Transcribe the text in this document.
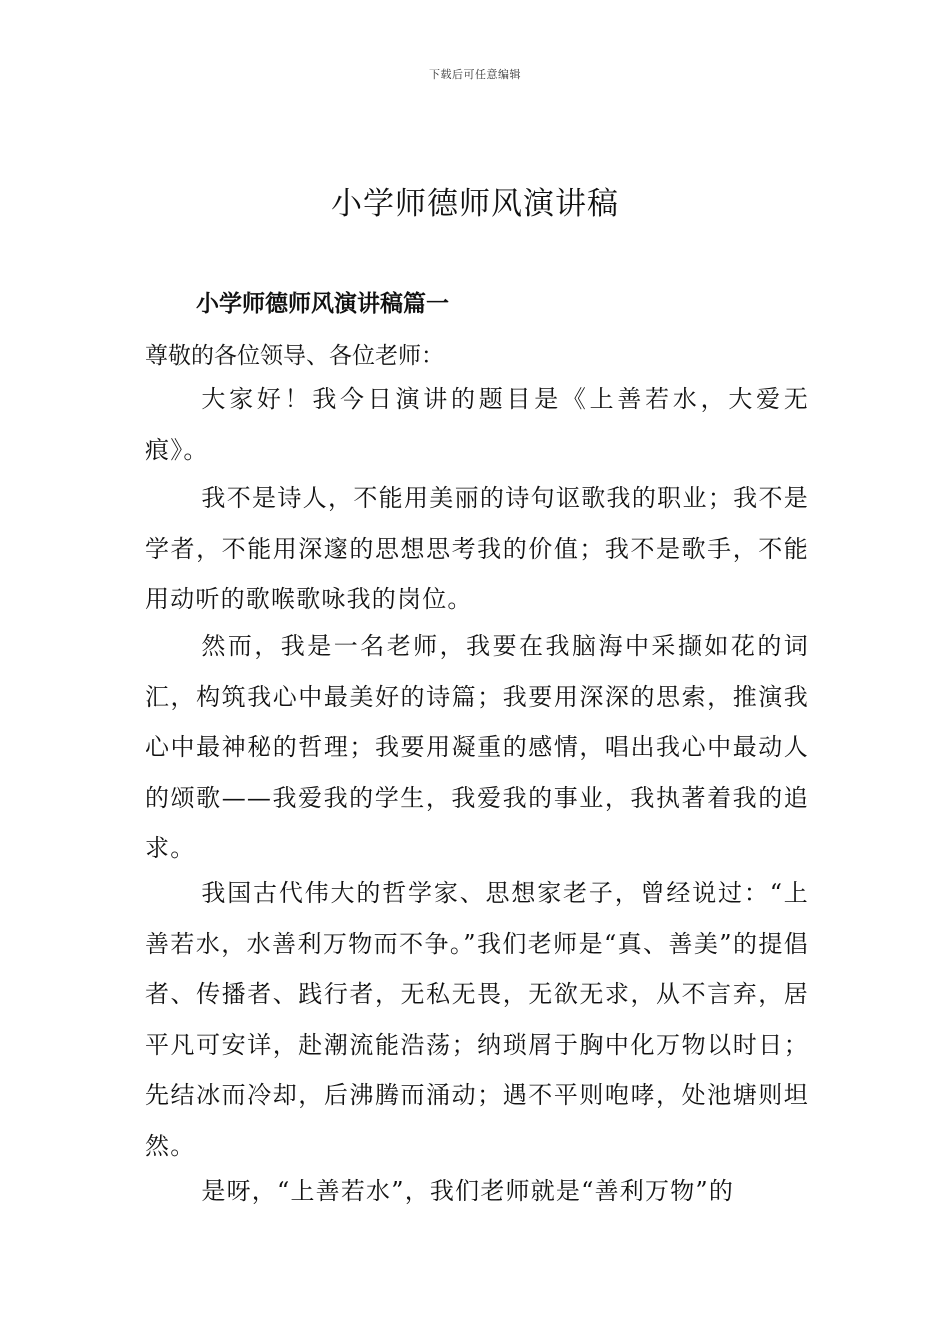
下载后可任意编辑
小学师德师风演讲稿
小学师德师风演讲稿篇一

尊敬的各位领导、各位老师：

大家好！我今日演讲的题目是《上善若水，大爱无痕》。

我不是诗人，不能用美丽的诗句讴歌我的职业；我不是学者，不能用深邃的思想思考我的价值；我不是歌手，不能用动听的歌喉歌咏我的岗位。

然而，我是一名老师，我要在我脑海中采撷如花的词汇，构筑我心中最美好的诗篇；我要用深深的思索，推演我心中最神秘的哲理；我要用凝重的感情，唱出我心中最动人的颂歌——我爱我的学生，我爱我的事业，我执著着我的追求。

我国古代伟大的哲学家、思想家老子，曾经说过：“上善若水，水善利万物而不争。”我们老师是“真、善美”的提倡者、传播者、践行者，无私无畏，无欲无求，从不言弃，居平凡可安详，赴潮流能浩荡；纳琐屑于胸中化万物以时日；先结冰而冷却，后沸腾而涌动；遇不平则咆哮，处池塘则坦然。

是呀，“上善若水”，我们老师就是“善利万物”的
